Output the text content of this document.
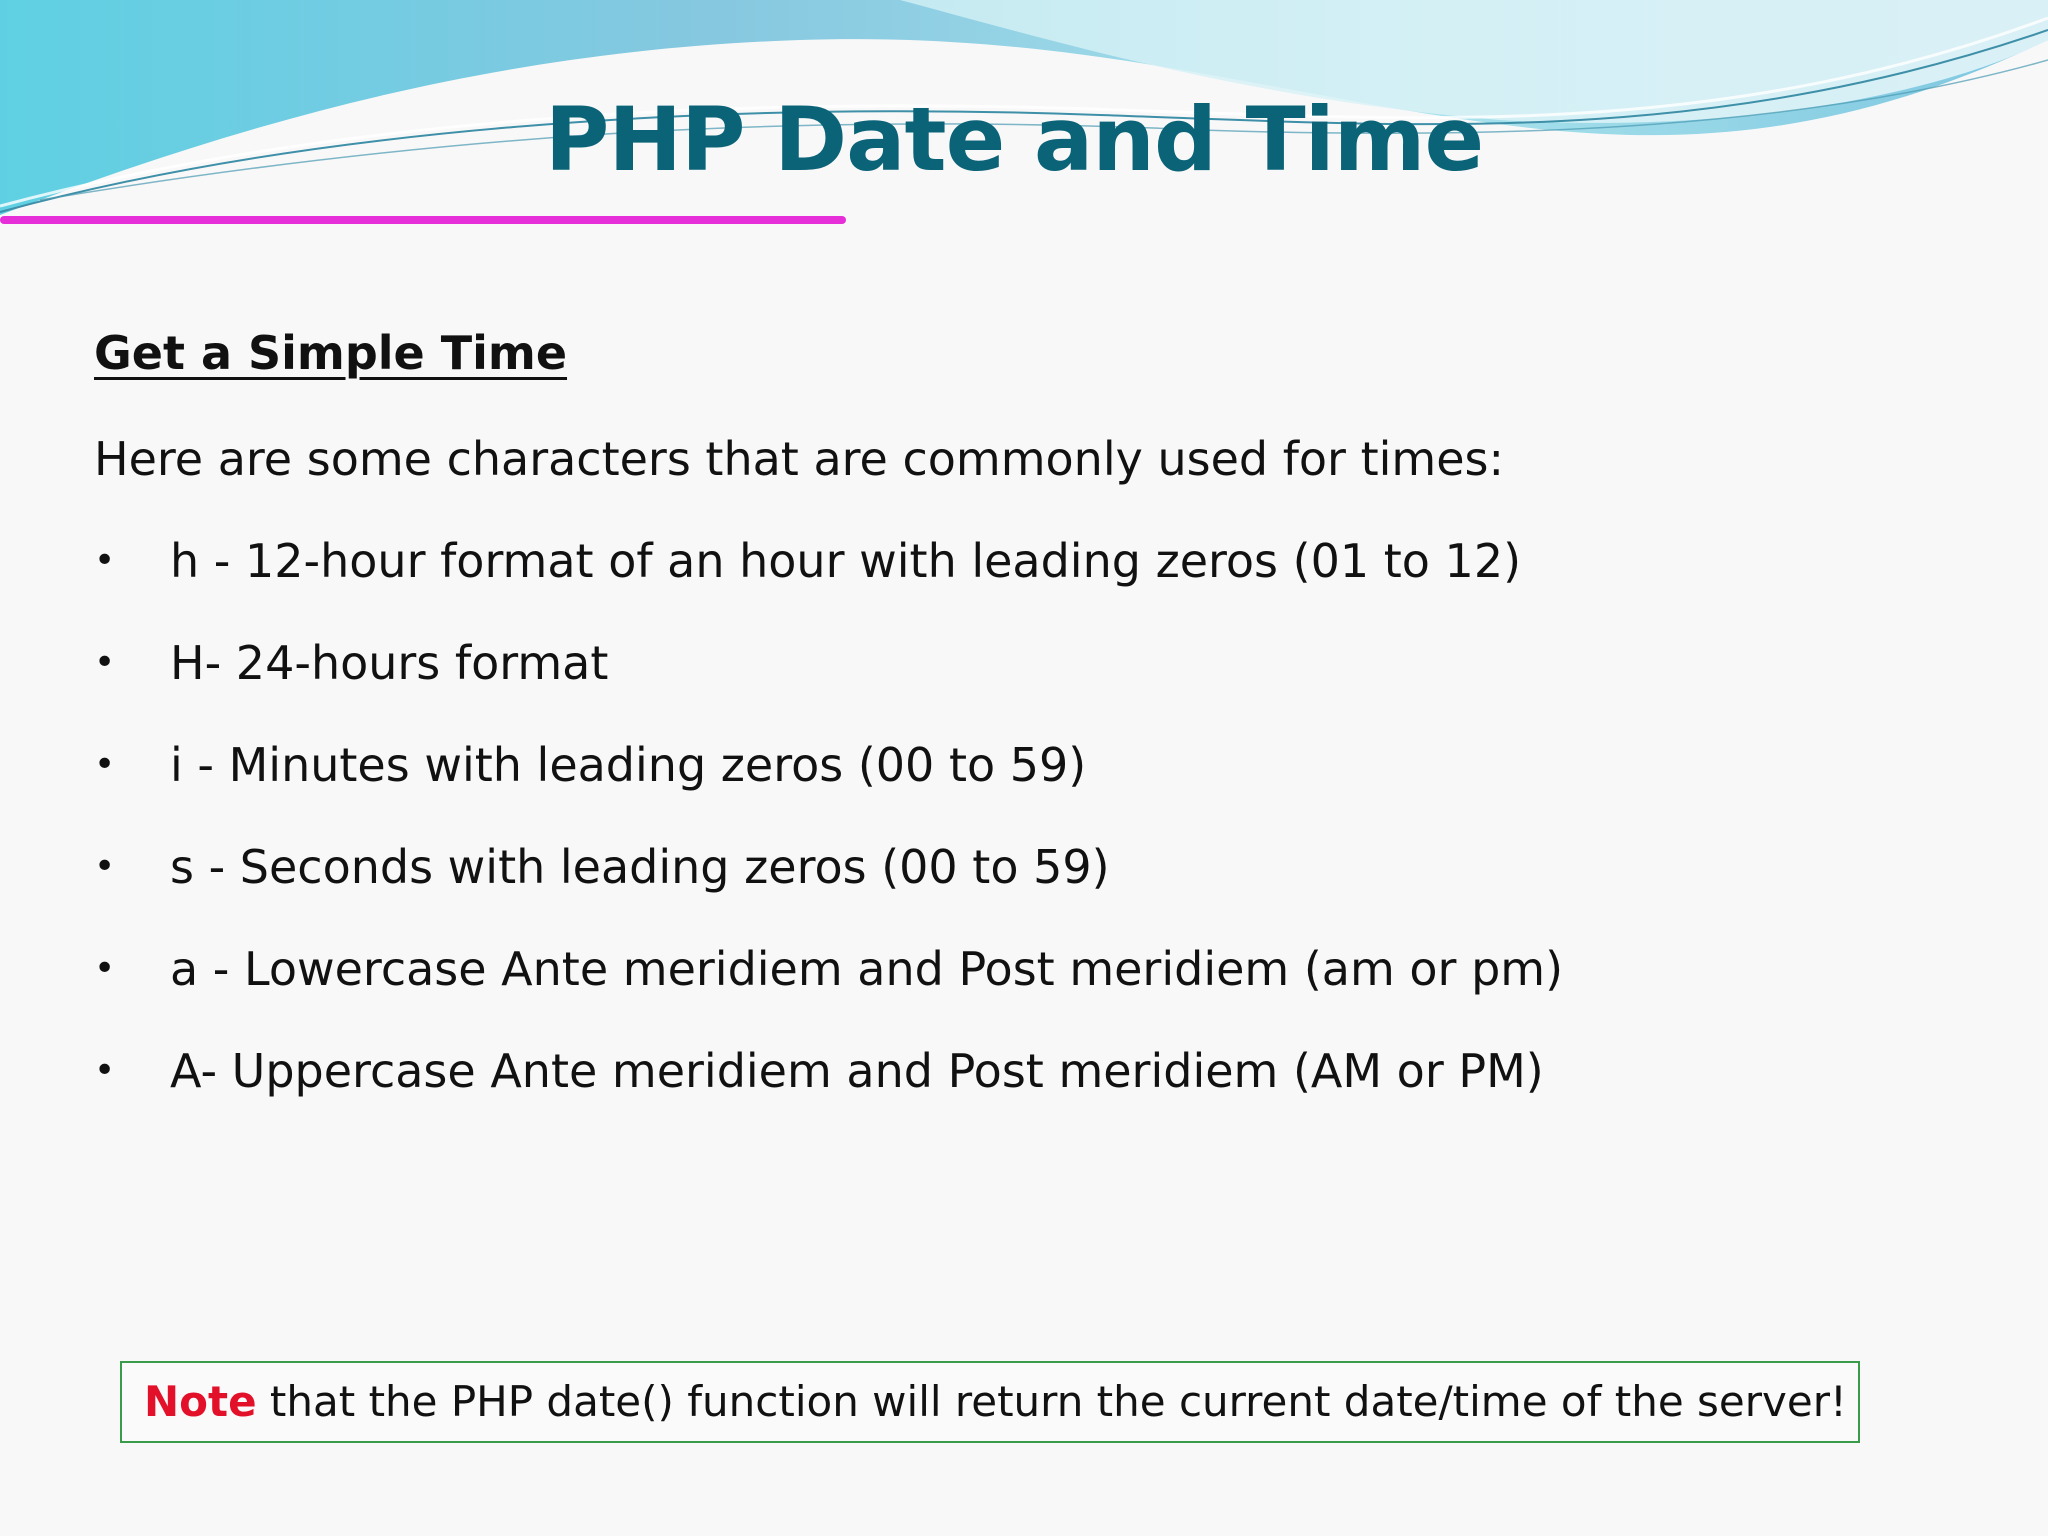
PHP Date and Time
Get a Simple Time
Here are some characters that are commonly used for times:
• h - 12-hour format of an hour with leading zeros (01 to 12)
• H- 24-hours format
• i - Minutes with leading zeros (00 to 59)
• s - Seconds with leading zeros (00 to 59)
• a - Lowercase Ante meridiem and Post meridiem (am or pm)
• A- Uppercase Ante meridiem and Post meridiem (AM or PM)
Note that the PHP date() function will return the current date/time of the server!
